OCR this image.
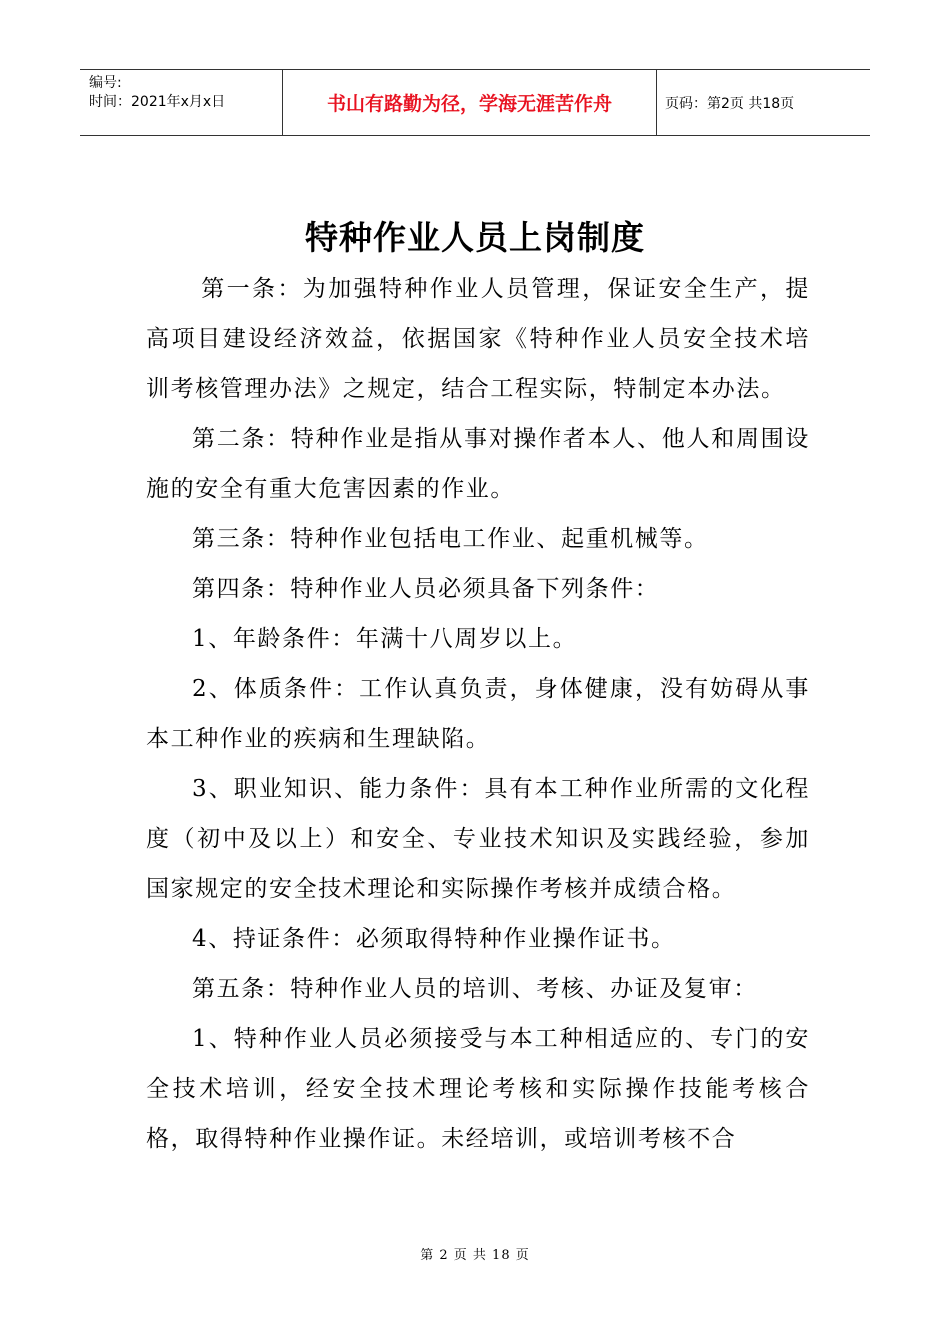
编号:
时间：2021年x月x日	书山有路勤为径，学海无涯苦作舟	页码：第2页 共18页
特种作业人员上岗制度

第一条：为加强特种作业人员管理，保证安全生产，提高项目建设经济效益，依据国家《特种作业人员安全技术培训考核管理办法》之规定，结合工程实际，特制定本办法。

第二条：特种作业是指从事对操作者本人、他人和周围设施的安全有重大危害因素的作业。

第三条：特种作业包括电工作业、起重机械等。

第四条：特种作业人员必须具备下列条件：

1、年龄条件：年满十八周岁以上。

2、体质条件：工作认真负责，身体健康，没有妨碍从事本工种作业的疾病和生理缺陷。

3、职业知识、能力条件：具有本工种作业所需的文化程度（初中及以上）和安全、专业技术知识及实践经验，参加国家规定的安全技术理论和实际操作考核并成绩合格。

4、持证条件：必须取得特种作业操作证书。

第五条：特种作业人员的培训、考核、办证及复审：

1、特种作业人员必须接受与本工种相适应的、专门的安全技术培训，经安全技术理论考核和实际操作技能考核合格，取得特种作业操作证。未经培训，或培训考核不合

第 2 页 共 18 页
